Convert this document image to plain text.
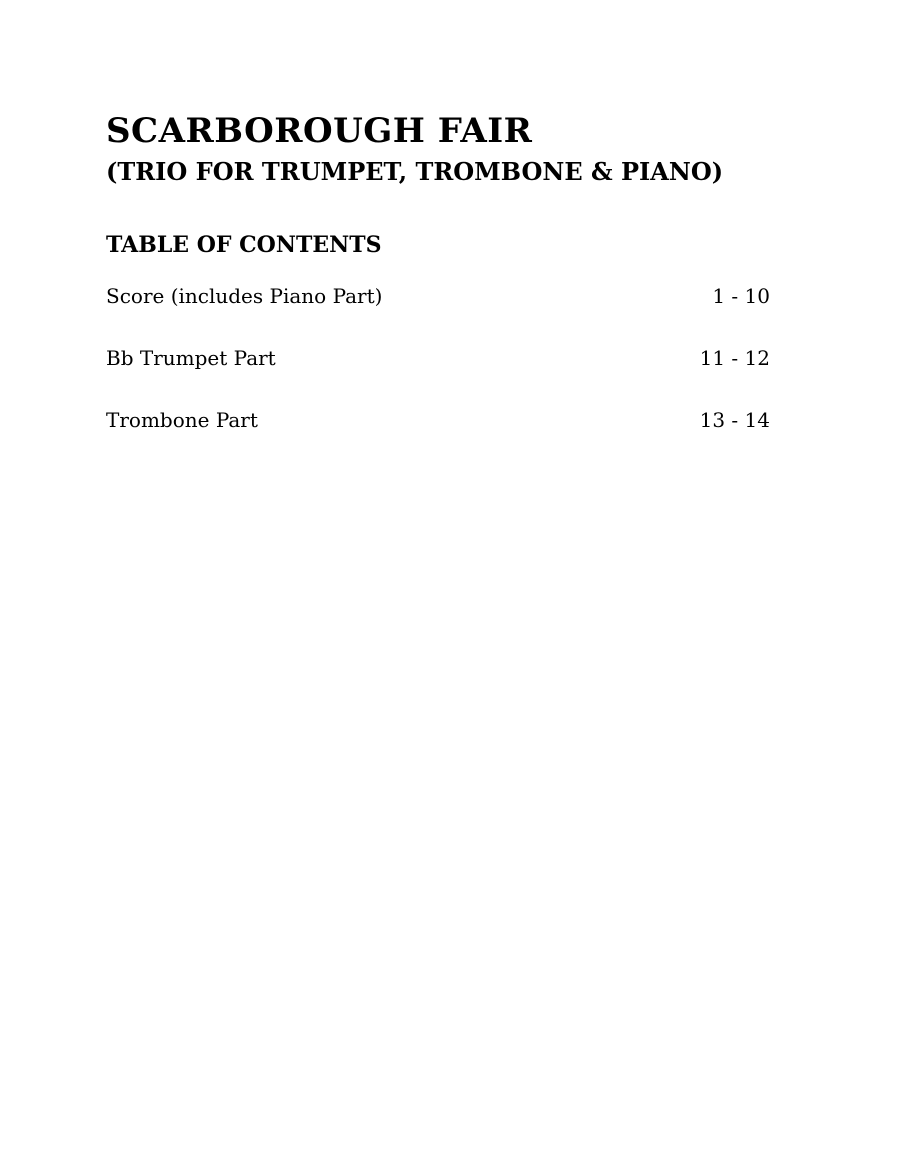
SCARBOROUGH FAIR
(TRIO FOR TRUMPET, TROMBONE & PIANO)
TABLE OF CONTENTS
Score (includes Piano Part)	1 - 10
Bb Trumpet Part	11 - 12
Trombone Part	13 - 14
